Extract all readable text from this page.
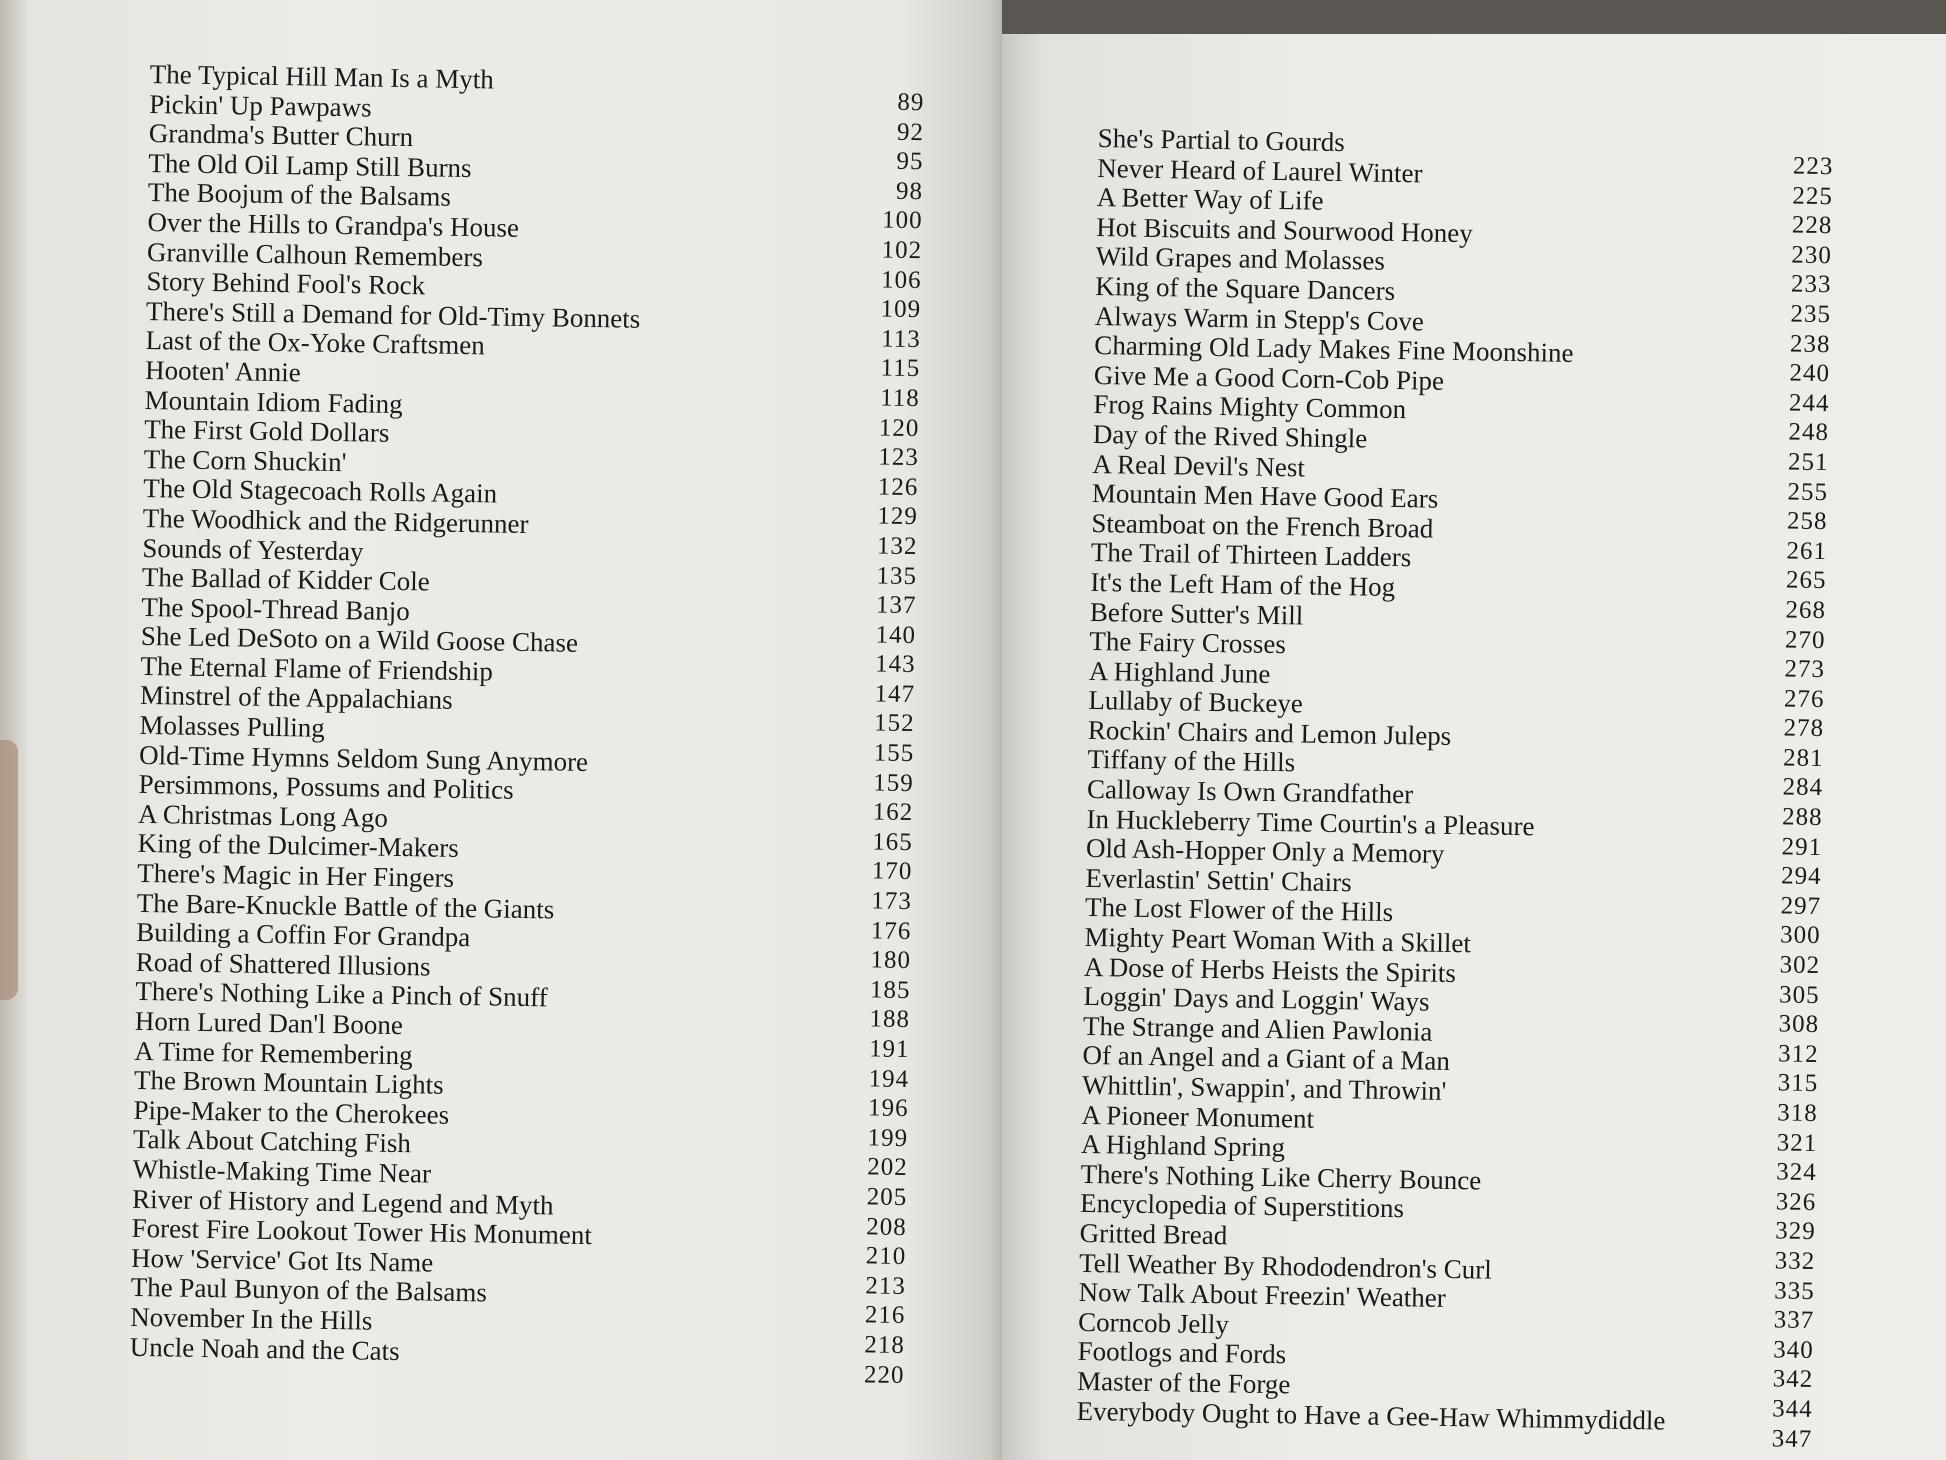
The Typical Hill Man Is a Myth
89
Pickin' Up Pawpaws
92
Grandma's Butter Churn
95
The Old Oil Lamp Still Burns
98
The Boojum of the Balsams
100
Over the Hills to Grandpa's House
102
Granville Calhoun Remembers
106
Story Behind Fool's Rock
109
There's Still a Demand for Old-Timy Bonnets
113
Last of the Ox-Yoke Craftsmen
115
Hooten' Annie
118
Mountain Idiom Fading
120
The First Gold Dollars
123
The Corn Shuckin'
126
The Old Stagecoach Rolls Again
129
The Woodhick and the Ridgerunner
132
Sounds of Yesterday
135
The Ballad of Kidder Cole
137
The Spool-Thread Banjo
140
She Led DeSoto on a Wild Goose Chase
143
The Eternal Flame of Friendship
147
Minstrel of the Appalachians
152
Molasses Pulling
155
Old-Time Hymns Seldom Sung Anymore
159
Persimmons, Possums and Politics
162
A Christmas Long Ago
165
King of the Dulcimer-Makers
170
There's Magic in Her Fingers
173
The Bare-Knuckle Battle of the Giants
176
Building a Coffin For Grandpa
180
Road of Shattered Illusions
185
There's Nothing Like a Pinch of Snuff
188
Horn Lured Dan'l Boone
191
A Time for Remembering
194
The Brown Mountain Lights
196
Pipe-Maker to the Cherokees
199
Talk About Catching Fish
202
Whistle-Making Time Near
205
River of History and Legend and Myth
208
Forest Fire Lookout Tower His Monument
210
How 'Service' Got Its Name
213
The Paul Bunyon of the Balsams
216
November In the Hills
218
Uncle Noah and the Cats
220
She's Partial to Gourds
223
Never Heard of Laurel Winter
225
A Better Way of Life
228
Hot Biscuits and Sourwood Honey
230
Wild Grapes and Molasses
233
King of the Square Dancers
235
Always Warm in Stepp's Cove
238
Charming Old Lady Makes Fine Moonshine
240
Give Me a Good Corn-Cob Pipe
244
Frog Rains Mighty Common
248
Day of the Rived Shingle
251
A Real Devil's Nest
255
Mountain Men Have Good Ears
258
Steamboat on the French Broad
261
The Trail of Thirteen Ladders
265
It's the Left Ham of the Hog
268
Before Sutter's Mill
270
The Fairy Crosses
273
A Highland June
276
Lullaby of Buckeye
278
Rockin' Chairs and Lemon Juleps
281
Tiffany of the Hills
284
Calloway Is Own Grandfather
288
In Huckleberry Time Courtin's a Pleasure
291
Old Ash-Hopper Only a Memory
294
Everlastin' Settin' Chairs
297
The Lost Flower of the Hills
300
Mighty Peart Woman With a Skillet
302
A Dose of Herbs Heists the Spirits
305
Loggin' Days and Loggin' Ways
308
The Strange and Alien Pawlonia
312
Of an Angel and a Giant of a Man
315
Whittlin', Swappin', and Throwin'
318
A Pioneer Monument
321
A Highland Spring
324
There's Nothing Like Cherry Bounce
326
Encyclopedia of Superstitions
329
Gritted Bread
332
Tell Weather By Rhododendron's Curl
335
Now Talk About Freezin' Weather
337
Corncob Jelly
340
Footlogs and Fords
342
Master of the Forge
344
Everybody Ought to Have a Gee-Haw Whimmydiddle
347
